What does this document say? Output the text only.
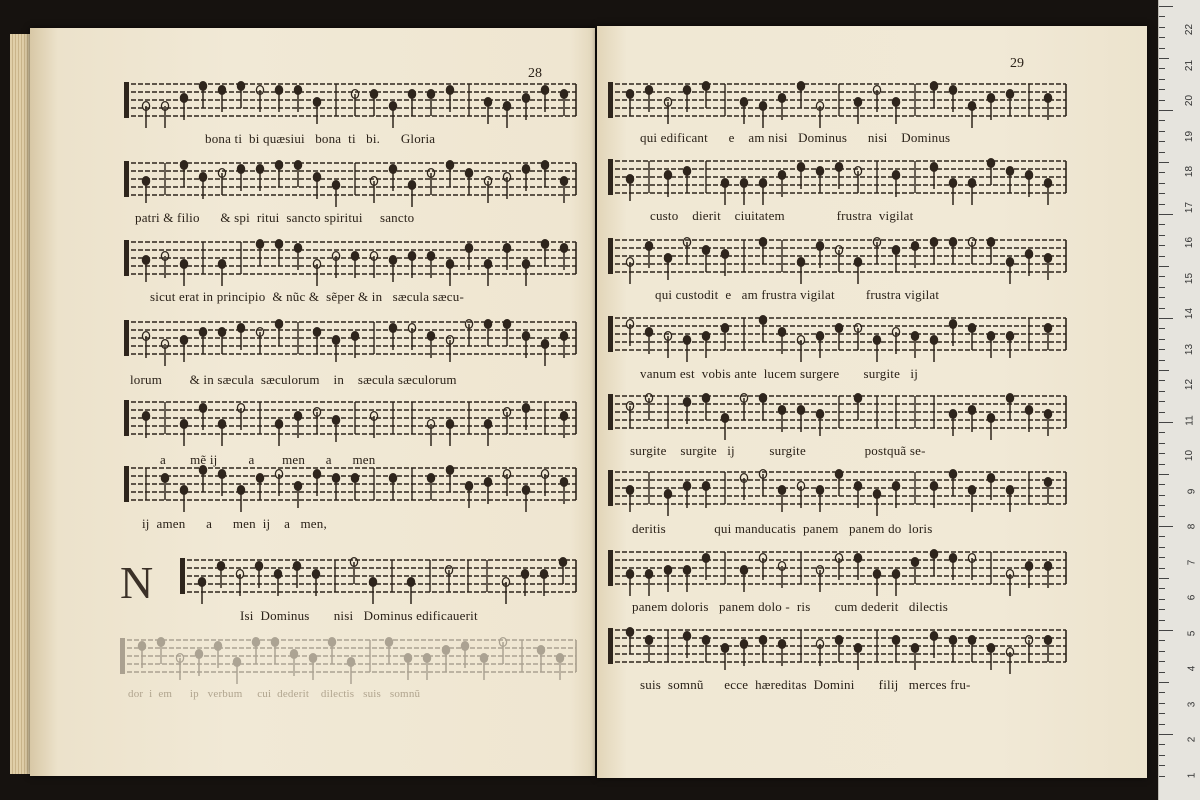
28
bona ti  bi quæsiui   bona  ti   bi.      Gloria
patri & filio      & spi  ritui  sancto spiritui     sancto
sicut erat in principio  & nũc &  sẽper & in   sæcula sæcu-
lorum        & in sæcula  sæculorum    in    sæcula sæculorum
a       mẽ ij         a        men      a      men
ij  amen      a      men  ij    a   men,
N
Isi  Dominus       nisi   Dominus edificauerit
dor  i  em      ip   verbum     cui  dederit    dilectis   suis   somnũ
29
qui edificant      e    am nisi   Dominus      nisi    Dominus
custo    dierit    ciuitatem               frustra  vigilat
qui custodit  e   am frustra vigilat         frustra vigilat
vanum est  vobis ante  lucem surgere       surgite   ij
surgite    surgite   ij          surgite                 postquã se-
deritis              qui manducatis  panem   panem do  loris
panem doloris   panem dolo -  ris       cum dederit   dilectis
suis  somnũ      ecce  hæreditas  Domini       filij   merces fru-
22
21
20
19
18
17
16
15
14
13
12
11
10
9
8
7
6
5
4
3
2
1
